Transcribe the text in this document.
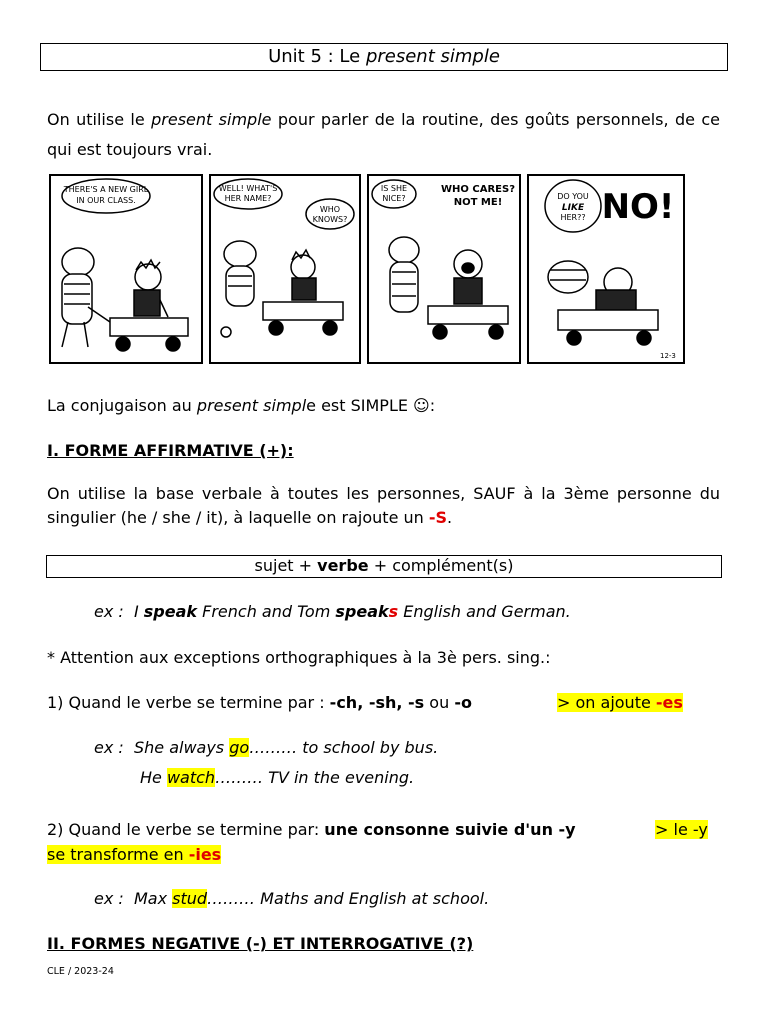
Unit 5 : Le present simple
On utilise le present simple pour parler de la routine, des goûts personnels, de ce qui est toujours vrai.
THERE'S A NEW GIRL
IN OUR CLASS.
WELL! WHAT'S
HER NAME?
WHO
KNOWS?
IS SHE
NICE?
WHO CARES?
NOT ME!
DO YOU
LIKE
HER?? NO!
12-3
La conjugaison au present simple est SIMPLE ☺:
I. FORME AFFIRMATIVE (+):
On utilise la base verbale à toutes les personnes, SAUF à la 3ème personne du singulier (he / she / it), à laquelle on rajoute un -S.
sujet + verbe + complément(s)
ex : I speak French and Tom speaks English and German.
* Attention aux exceptions orthographiques à la 3è pers. sing.:
1) Quand le verbe se termine par : -ch, -sh, -s ou -o	> on ajoute -es
ex : She always go……… to school by bus.
He watch……… TV in the evening.
2) Quand le verbe se termine par: une consonne suivie d'un -y	> le -y
se transforme en -ies
ex : Max stud……… Maths and English at school.
II. FORMES NEGATIVE (-) ET INTERROGATIVE (?)
CLE / 2023-24
